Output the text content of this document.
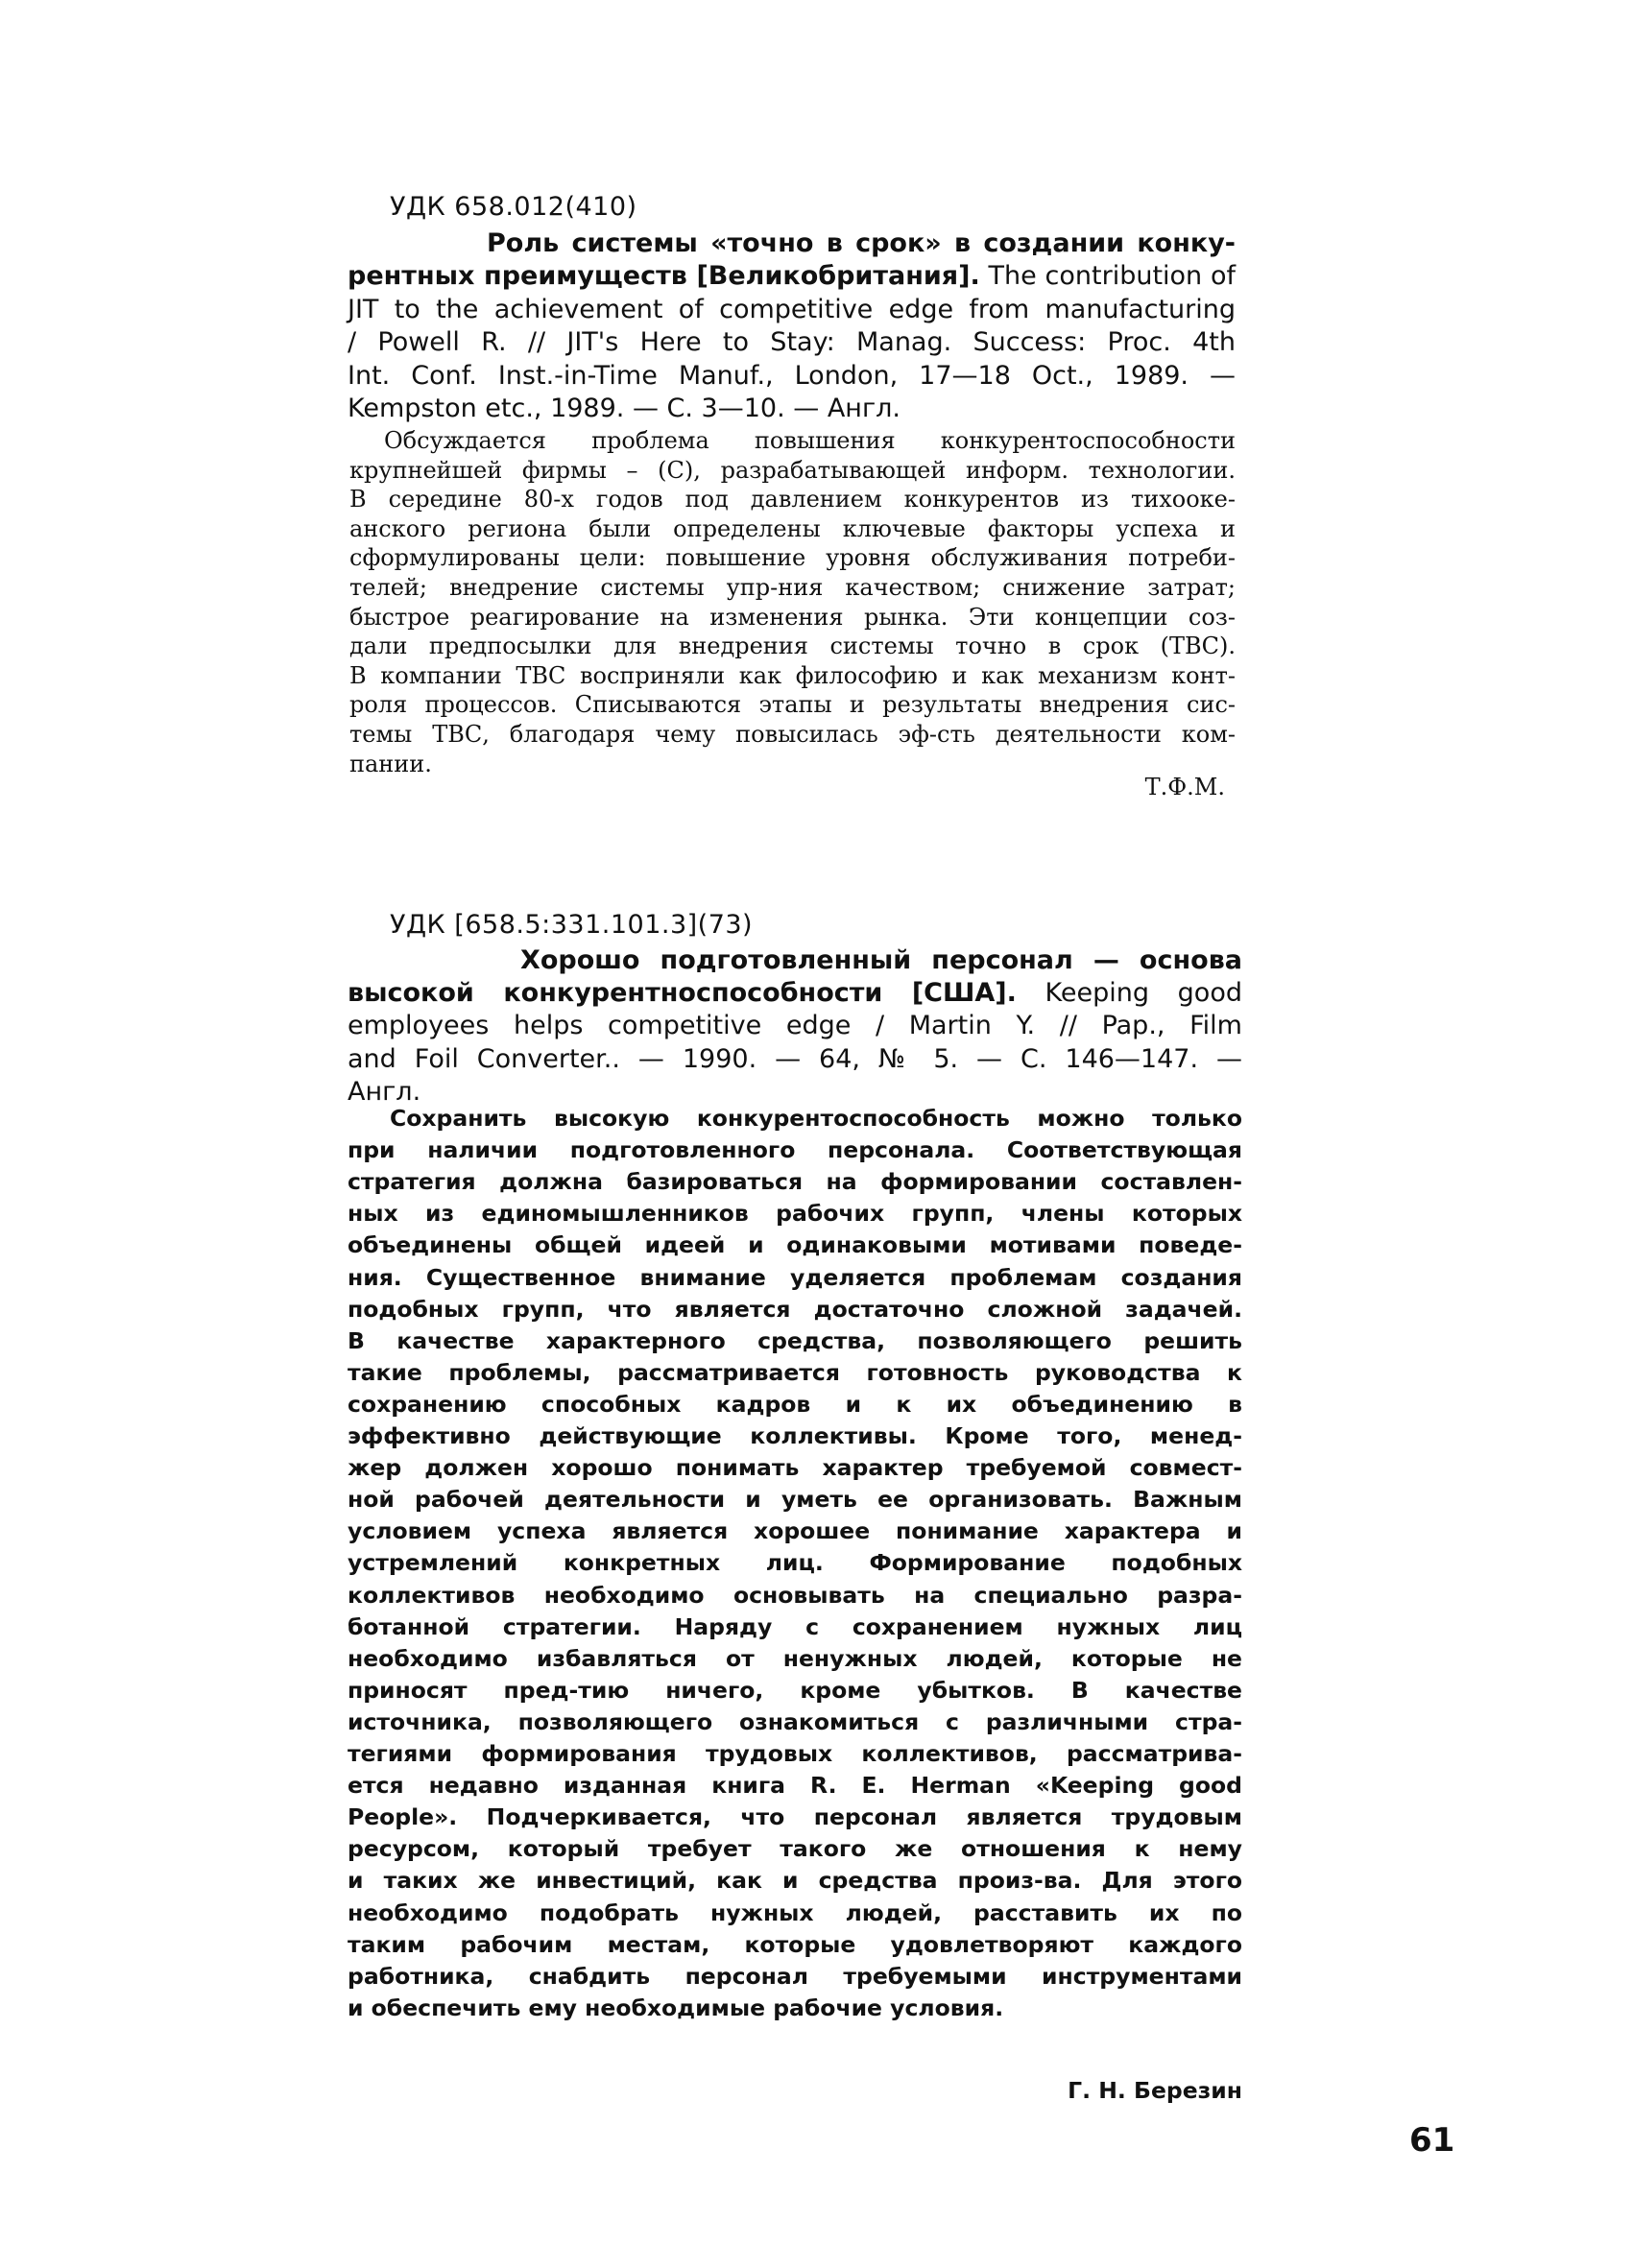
УДК 658.012(410)
Роль системы «точно в срок» в создании конку-
рентных преимуществ [Великобритания]. The contribution of
JIT to the achievement of competitive edge from manufacturing
/ Powell R. // JIT's Here to Stay: Manag. Success: Proc. 4th
Int. Conf. Inst.-in-Time Manuf., London, 17—18 Oct., 1989. —
Kempston etc., 1989. — С. 3—10. — Англ.
Обсуждается проблема повышения конкурентоспособности
крупнейшей фирмы – (С), разрабатывающей информ. технологии.
В середине 80-х годов под давлением конкурентов из тихооке-
анского региона были определены ключевые факторы успеха и
сформулированы цели: повышение уровня обслуживания потреби-
телей; внедрение системы упр-ния качеством; снижение затрат;
быстрое реагирование на изменения рынка. Эти концепции соз-
дали предпосылки для внедрения системы точно в срок (ТВС).
В компании ТВС восприняли как философию и как механизм конт-
роля процессов. Списываются этапы и результаты внедрения сис-
темы ТВС, благодаря чему повысилась эф-сть деятельности ком-
пании.
Т.Ф.М.
УДК [658.5:331.101.3](73)
Хорошо подготовленный персонал — основа
высокой конкурентноспособности [США]. Keeping good
employees helps competitive edge / Martin Y. // Pap., Film
and Foil Converter.. — 1990. — 64, № 5. — С. 146—147. —
Англ.
Сохранить высокую конкурентоспособность можно только
при наличии подготовленного персонала. Соответствующая
стратегия должна базироваться на формировании составлен-
ных из единомышленников рабочих групп, члены которых
объединены общей идеей и одинаковыми мотивами поведе-
ния. Существенное внимание уделяется проблемам создания
подобных групп, что является достаточно сложной задачей.
В качестве характерного средства, позволяющего решить
такие проблемы, рассматривается готовность руководства к
сохранению способных кадров и к их объединению в
эффективно действующие коллективы. Кроме того, менед-
жер должен хорошо понимать характер требуемой совмест-
ной рабочей деятельности и уметь ее организовать. Важным
условием успеха является хорошее понимание характера и
устремлений конкретных лиц. Формирование подобных
коллективов необходимо основывать на специально разра-
ботанной стратегии. Наряду с сохранением нужных лиц
необходимо избавляться от ненужных людей, которые не
приносят пред-тию ничего, кроме убытков. В качестве
источника, позволяющего ознакомиться с различными стра-
тегиями формирования трудовых коллективов, рассматрива-
ется недавно изданная книга R. E. Herman «Keeping good
People». Подчеркивается, что персонал является трудовым
ресурсом, который требует такого же отношения к нему
и таких же инвестиций, как и средства произ-ва. Для этого
необходимо подобрать нужных людей, расставить их по
таким рабочим местам, которые удовлетворяют каждого
работника, снабдить персонал требуемыми инструментами
и обеспечить ему необходимые рабочие условия.
Г. Н. Березин
61
